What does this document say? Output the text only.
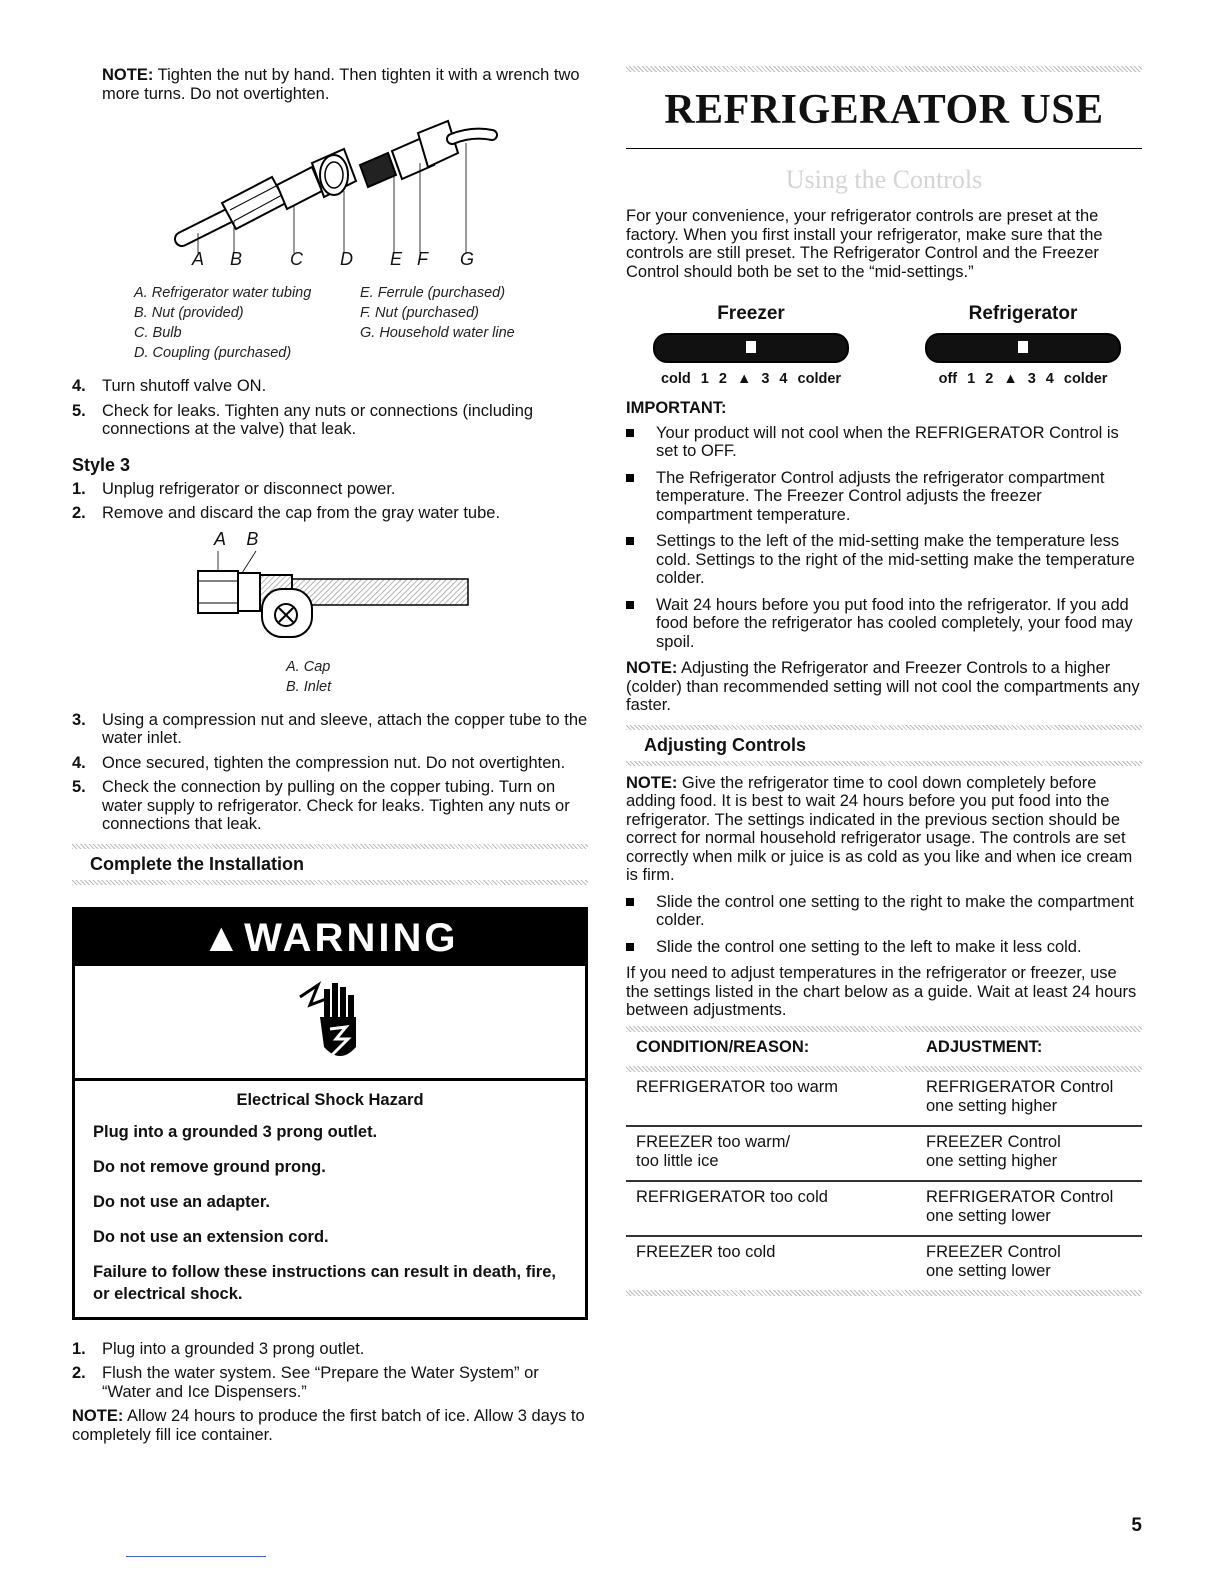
NOTE: Tighten the nut by hand. Then tighten it with a wrench two more turns. Do not overtighten.

A B	C D E F G
A. Refrigerator water tubing
B. Nut (provided)
C. Bulb
D. Coupling (purchased)
E. Ferrule (purchased)
F. Nut (purchased)
G. Household water line
4. Turn shutoff valve ON.
5. Check for leaks. Tighten any nuts or connections (including connections at the valve) that leak.
Style 3
1. Unplug refrigerator or disconnect power.
2. Remove and discard the cap from the gray water tube.
A B
A. Cap
B. Inlet
3. Using a compression nut and sleeve, attach the copper tube to the water inlet.
4. Once secured, tighten the compression nut. Do not overtighten.
5. Check the connection by pulling on the copper tubing. Turn on water supply to refrigerator. Check for leaks. Tighten any nuts or connections that leak.
Complete the Installation
▲WARNING

Electrical Shock Hazard

Plug into a grounded 3 prong outlet.

Do not remove ground prong.

Do not use an adapter.

Do not use an extension cord.

Failure to follow these instructions can result in death, fire, or electrical shock.

1. Plug into a grounded 3 prong outlet.
2. Flush the water system. See “Prepare the Water System” or “Water and Ice Dispensers.”

NOTE: Allow 24 hours to produce the first batch of ice. Allow 3 days to completely fill ice container.

REFRIGERATOR USE
Using the Controls

For your convenience, your refrigerator controls are preset at the factory. When you first install your refrigerator, make sure that the controls are still preset. The Refrigerator Control and the Freezer Control should both be set to the “mid-settings.”

Freezer
cold 1 2 ▲ 3 4 colder
Refrigerator
off 1 2 ▲ 3 4 colder

IMPORTANT:

Your product will not cool when the REFRIGERATOR Control is set to OFF.
The Refrigerator Control adjusts the refrigerator compartment temperature. The Freezer Control adjusts the freezer compartment temperature.
Settings to the left of the mid-setting make the temperature less cold. Settings to the right of the mid-setting make the temperature colder.
Wait 24 hours before you put food into the refrigerator. If you add food before the refrigerator has cooled completely, your food may spoil.

NOTE: Adjusting the Refrigerator and Freezer Controls to a higher (colder) than recommended setting will not cool the compartments any faster.

Adjusting Controls

NOTE: Give the refrigerator time to cool down completely before adding food. It is best to wait 24 hours before you put food into the refrigerator. The settings indicated in the previous section should be correct for normal household refrigerator usage. The controls are set correctly when milk or juice is as cold as you like and when ice cream is firm.

Slide the control one setting to the right to make the compartment colder.
Slide the control one setting to the left to make it less cold.

If you need to adjust temperatures in the refrigerator or freezer, use the settings listed in the chart below as a guide. Wait at least 24 hours between adjustments.

CONDITION/REASON:	ADJUSTMENT:

REFRIGERATOR too warm	REFRIGERATOR Control
one setting higher
FREEZER too warm/
too little ice	FREEZER Control
one setting higher
REFRIGERATOR too cold	REFRIGERATOR Control
one setting lower
FREEZER too cold	FREEZER Control
one setting lower
5
